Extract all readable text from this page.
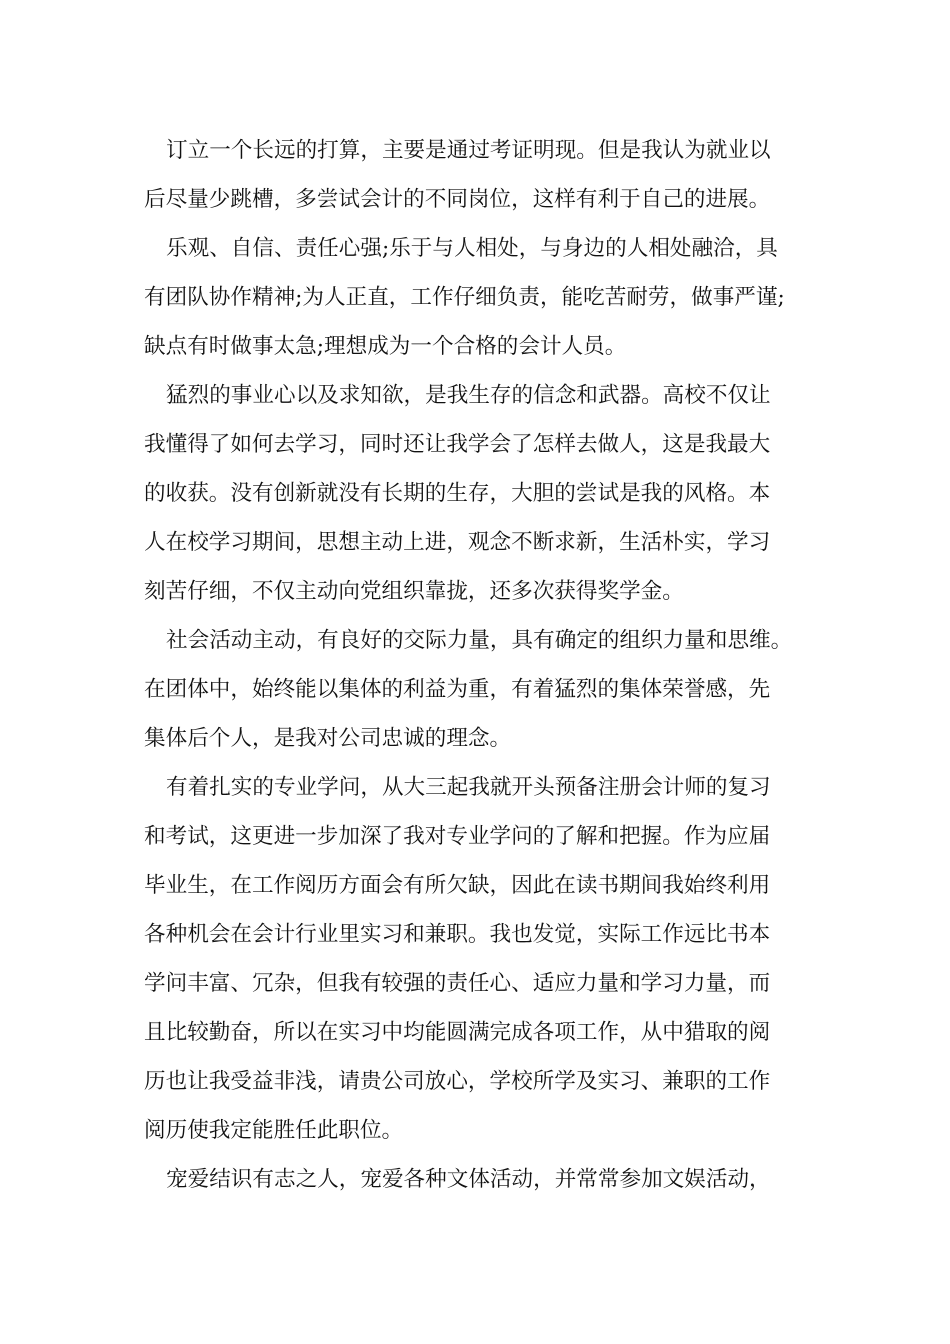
订立一个长远的打算，主要是通过考证明现。但是我认为就业以
后尽量少跳槽，多尝试会计的不同岗位，这样有利于自己的进展。

乐观、自信、责任心强;乐于与人相处，与身边的人相处融洽，具
有团队协作精神;为人正直，工作仔细负责，能吃苦耐劳，做事严谨;
缺点有时做事太急;理想成为一个合格的会计人员。

猛烈的事业心以及求知欲，是我生存的信念和武器。高校不仅让
我懂得了如何去学习，同时还让我学会了怎样去做人，这是我最大
的收获。没有创新就没有长期的生存，大胆的尝试是我的风格。本
人在校学习期间，思想主动上进，观念不断求新，生活朴实，学习
刻苦仔细，不仅主动向党组织靠拢，还多次获得奖学金。

社会活动主动，有良好的交际力量，具有确定的组织力量和思维。
在团体中，始终能以集体的利益为重，有着猛烈的集体荣誉感，先
集体后个人，是我对公司忠诚的理念。

有着扎实的专业学问，从大三起我就开头预备注册会计师的复习
和考试，这更进一步加深了我对专业学问的了解和把握。作为应届
毕业生，在工作阅历方面会有所欠缺，因此在读书期间我始终利用
各种机会在会计行业里实习和兼职。我也发觉，实际工作远比书本
学问丰富、冗杂，但我有较强的责任心、适应力量和学习力量，而
且比较勤奋，所以在实习中均能圆满完成各项工作，从中猎取的阅
历也让我受益非浅，请贵公司放心，学校所学及实习、兼职的工作
阅历使我定能胜任此职位。

宠爱结识有志之人，宠爱各种文体活动，并常常参加文娱活动，
